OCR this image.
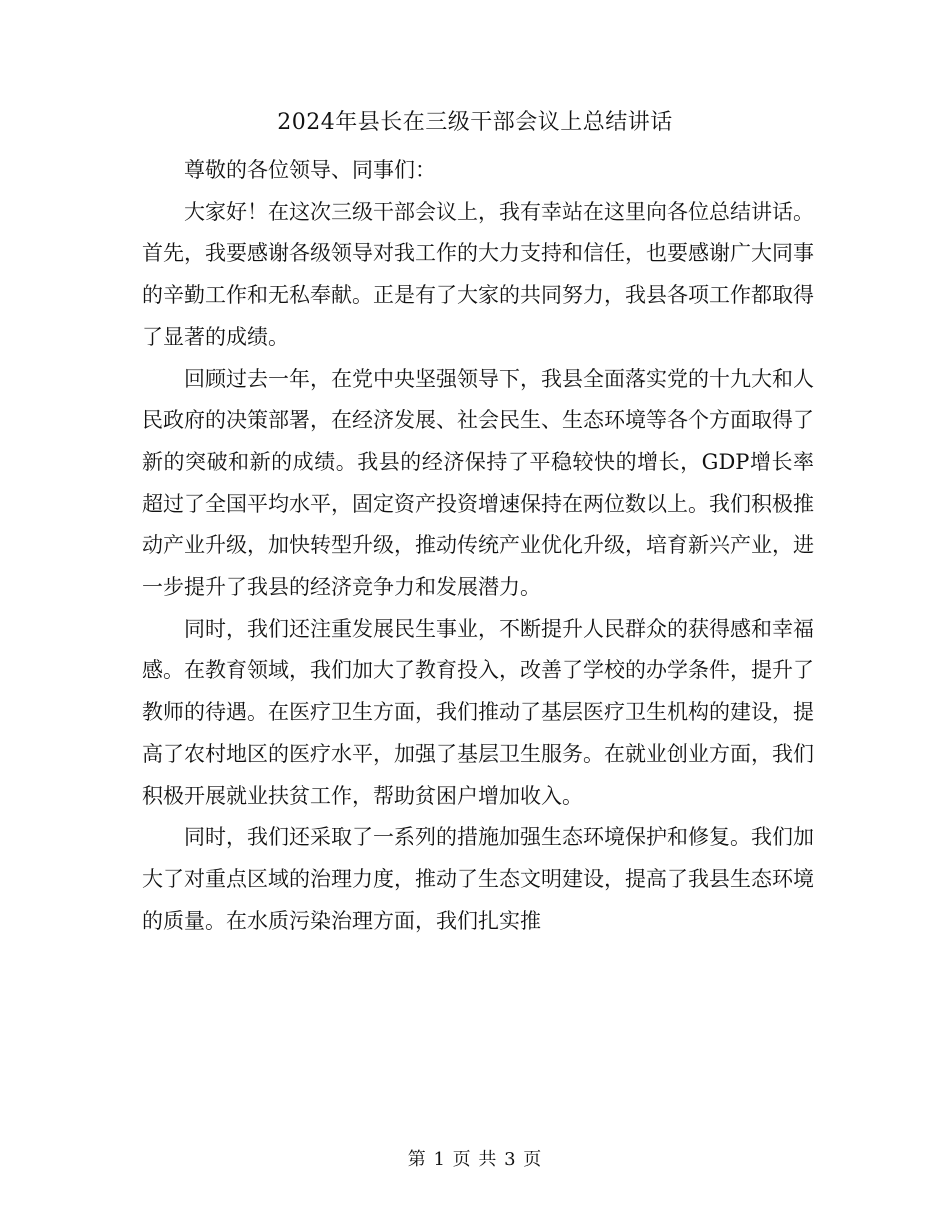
2024年县长在三级干部会议上总结讲话

尊敬的各位领导、同事们：

大家好！在这次三级干部会议上，我有幸站在这里向各位总结讲话。首先，我要感谢各级领导对我工作的大力支持和信任，也要感谢广大同事的辛勤工作和无私奉献。正是有了大家的共同努力，我县各项工作都取得了显著的成绩。

回顾过去一年，在党中央坚强领导下，我县全面落实党的十九大和人民政府的决策部署，在经济发展、社会民生、生态环境等各个方面取得了新的突破和新的成绩。我县的经济保持了平稳较快的增长，GDP增长率超过了全国平均水平，固定资产投资增速保持在两位数以上。我们积极推动产业升级，加快转型升级，推动传统产业优化升级，培育新兴产业，进一步提升了我县的经济竞争力和发展潜力。

同时，我们还注重发展民生事业，不断提升人民群众的获得感和幸福感。在教育领域，我们加大了教育投入，改善了学校的办学条件，提升了教师的待遇。在医疗卫生方面，我们推动了基层医疗卫生机构的建设，提高了农村地区的医疗水平，加强了基层卫生服务。在就业创业方面，我们积极开展就业扶贫工作，帮助贫困户增加收入。

同时，我们还采取了一系列的措施加强生态环境保护和修复。我们加大了对重点区域的治理力度，推动了生态文明建设，提高了我县生态环境的质量。在水质污染治理方面，我们扎实推

第 1 页 共 3 页
